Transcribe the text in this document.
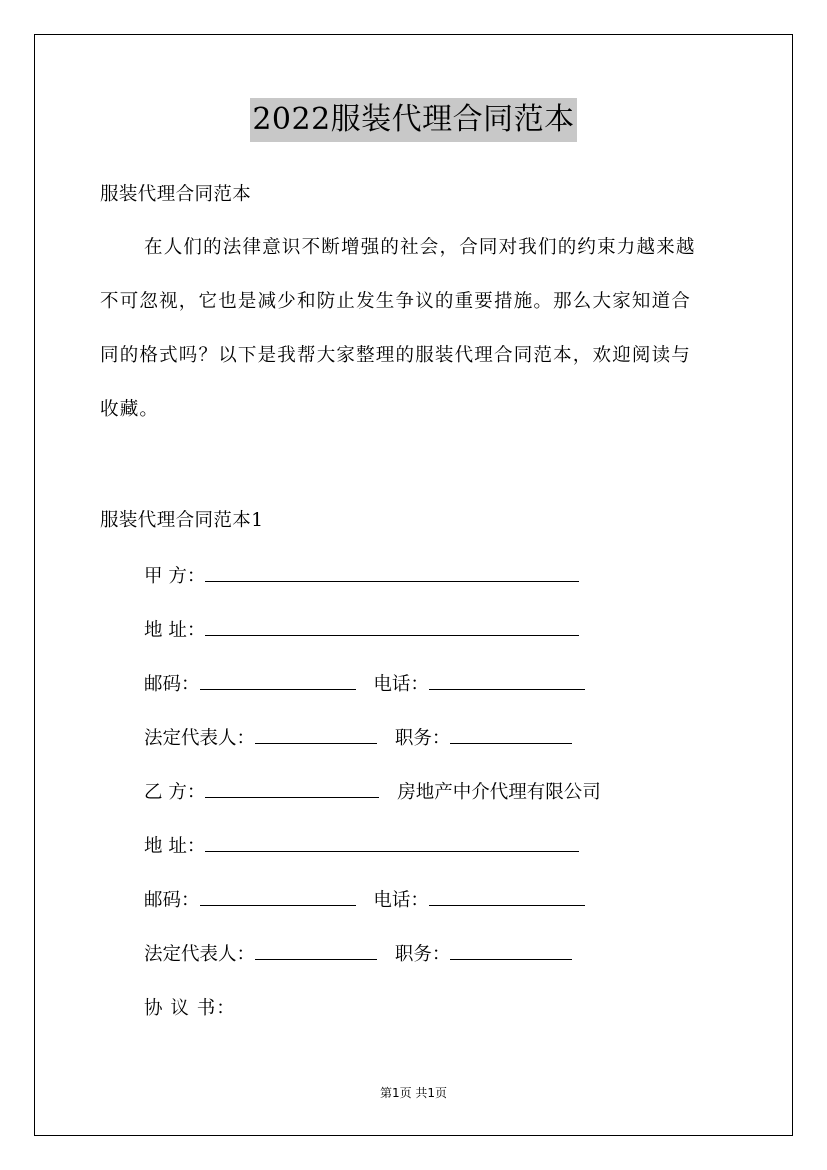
2022服装代理合同范本
服装代理合同范本
在人们的法律意识不断增强的社会，合同对我们的约束力越来越
不可忽视，它也是减少和防止发生争议的重要措施。那么大家知道合
同的格式吗？以下是我帮大家整理的服装代理合同范本，欢迎阅读与
收藏。
服装代理合同范本1
甲 方：
地 址：
邮码：	电话：
法定代表人：	职务：
乙 方：	房地产中介代理有限公司
地 址：
邮码：	电话：
法定代表人：	职务：
协 议 书：
第1页 共1页
